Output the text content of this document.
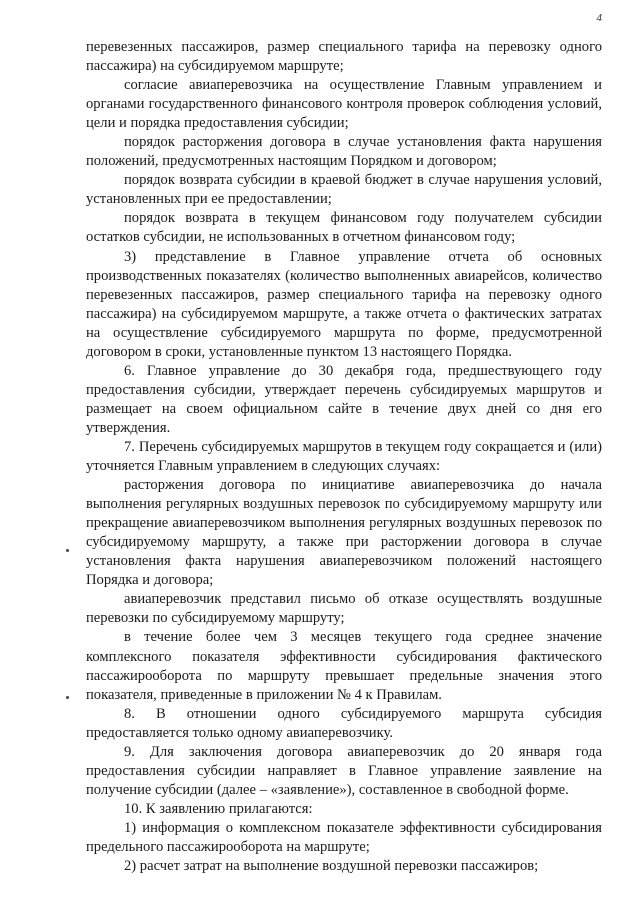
4

перевезенных пассажиров, размер специального тарифа на перевозку одного пассажира) на субсидируемом маршруте;

согласие авиаперевозчика на осуществление Главным управлением и органами государственного финансового контроля проверок соблюдения условий, цели и порядка предоставления субсидии;

порядок расторжения договора в случае установления факта нарушения положений, предусмотренных настоящим Порядком и договором;

порядок возврата субсидии в краевой бюджет в случае нарушения условий, установленных при ее предоставлении;

порядок возврата в текущем финансовом году получателем субсидии остатков субсидии, не использованных в отчетном финансовом году;

3) представление в Главное управление отчета об основных производственных показателях (количество выполненных авиарейсов, количество перевезенных пассажиров, размер специального тарифа на перевозку одного пассажира) на субсидируемом маршруте, а также отчета о фактических затратах на осуществление субсидируемого маршрута по форме, предусмотренной договором в сроки, установленные пунктом 13 настоящего Порядка.

6. Главное управление до 30 декабря года, предшествующего году предоставления субсидии, утверждает перечень субсидируемых маршрутов и размещает на своем официальном сайте в течение двух дней со дня его утверждения.

7. Перечень субсидируемых маршрутов в текущем году сокращается и (или) уточняется Главным управлением в следующих случаях:

расторжения договора по инициативе авиаперевозчика до начала выполнения регулярных воздушных перевозок по субсидируемому маршруту или прекращение авиаперевозчиком выполнения регулярных воздушных перевозок по субсидируемому маршруту, а также при расторжении договора в случае установления факта нарушения авиаперевозчиком положений настоящего Порядка и договора;

авиаперевозчик представил письмо об отказе осуществлять воздушные перевозки по субсидируемому маршруту;

в течение более чем 3 месяцев текущего года среднее значение комплексного показателя эффективности субсидирования фактического пассажирооборота по маршруту превышает предельные значения этого показателя, приведенные в приложении № 4 к Правилам.

8. В отношении одного субсидируемого маршрута субсидия предоставляется только одному авиаперевозчику.

9. Для заключения договора авиаперевозчик до 20 января года предоставления субсидии направляет в Главное управление заявление на получение субсидии (далее – «заявление»), составленное в свободной форме.

10. К заявлению прилагаются:

1) информация о комплексном показателе эффективности субсидирования предельного пассажирооборота на маршруте;

2) расчет затрат на выполнение воздушной перевозки пассажиров;
